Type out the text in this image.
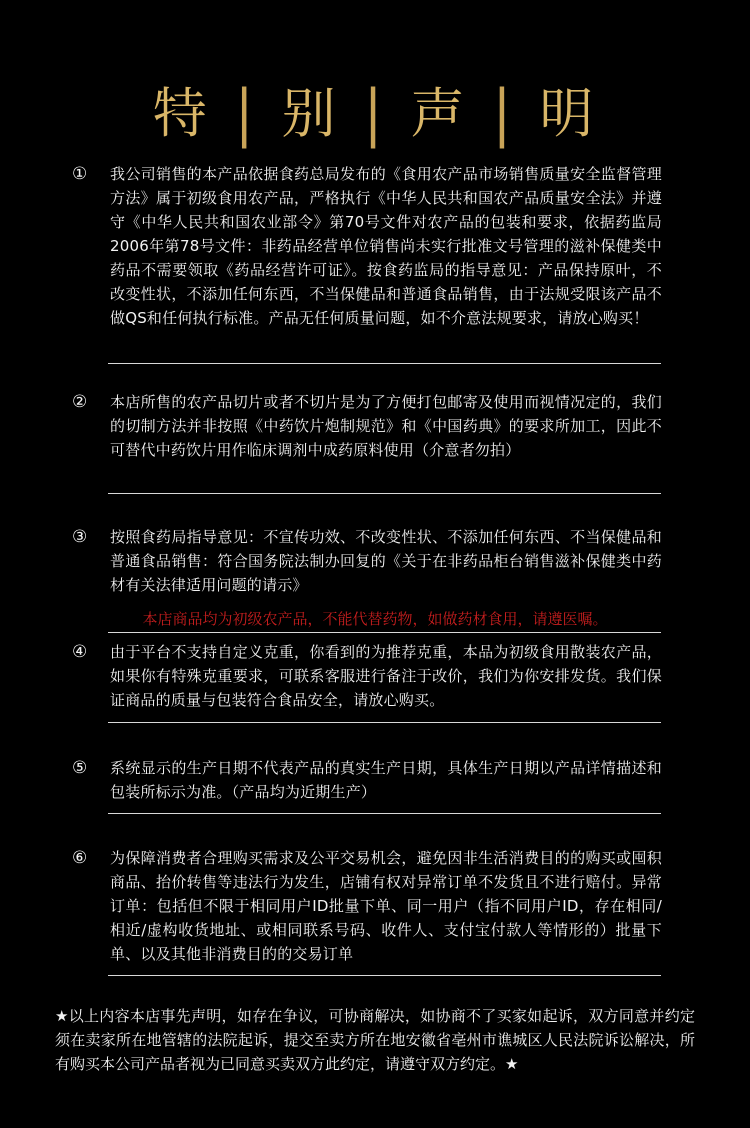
特 | 别 | 声 | 明
① 我公司销售的本产品依据食药总局发布的《食用农产品市场销售质量安全监督管理方法》属于初级食用农产品，严格执行《中华人民共和国农产品质量安全法》并遵守《中华人民共和国农业部令》第70号文件对农产品的包装和要求，依据药监局2006年第78号文件：非药品经营单位销售尚未实行批准文号管理的滋补保健类中药品不需要领取《药品经营许可证》。按食药监局的指导意见：产品保持原叶，不改变性状，不添加任何东西，不当保健品和普通食品销售，由于法规受限该产品不做QS和任何执行标准。产品无任何质量问题，如不介意法规要求，请放心购买！
② 本店所售的农产品切片或者不切片是为了方便打包邮寄及使用而视情况定的，我们的切制方法并非按照《中药饮片炮制规范》和《中国药典》的要求所加工，因此不可替代中药饮片用作临床调剂中成药原料使用（介意者勿拍）
③ 按照食药局指导意见：不宣传功效、不改变性状、不添加任何东西、不当保健品和普通食品销售：符合国务院法制办回复的《关于在非药品柜台销售滋补保健类中药材有关法律适用问题的请示》
本店商品均为初级农产品，不能代替药物，如做药材食用，请遵医嘱。
④ 由于平台不支持自定义克重，你看到的为推荐克重，本品为初级食用散装农产品，如果你有特殊克重要求，可联系客服进行备注于改价，我们为你安排发货。我们保证商品的质量与包装符合食品安全，请放心购买。
⑤ 系统显示的生产日期不代表产品的真实生产日期，具体生产日期以产品详情描述和包装所标示为准。（产品均为近期生产）
⑥ 为保障消费者合理购买需求及公平交易机会，避免因非生活消费目的的购买或囤积商品、抬价转售等违法行为发生，店铺有权对异常订单不发货且不进行赔付。异常订单：包括但不限于相同用户ID批量下单、同一用户（指不同用户ID，存在相同/相近/虚构收货地址、或相同联系号码、收件人、支付宝付款人等情形的）批量下单、以及其他非消费目的的交易订单
★以上内容本店事先声明，如存在争议，可协商解决，如协商不了买家如起诉，双方同意并约定须在卖家所在地管辖的法院起诉，提交至卖方所在地安徽省亳州市谯城区人民法院诉讼解决，所有购买本公司产品者视为已同意买卖双方此约定，请遵守双方约定。★
